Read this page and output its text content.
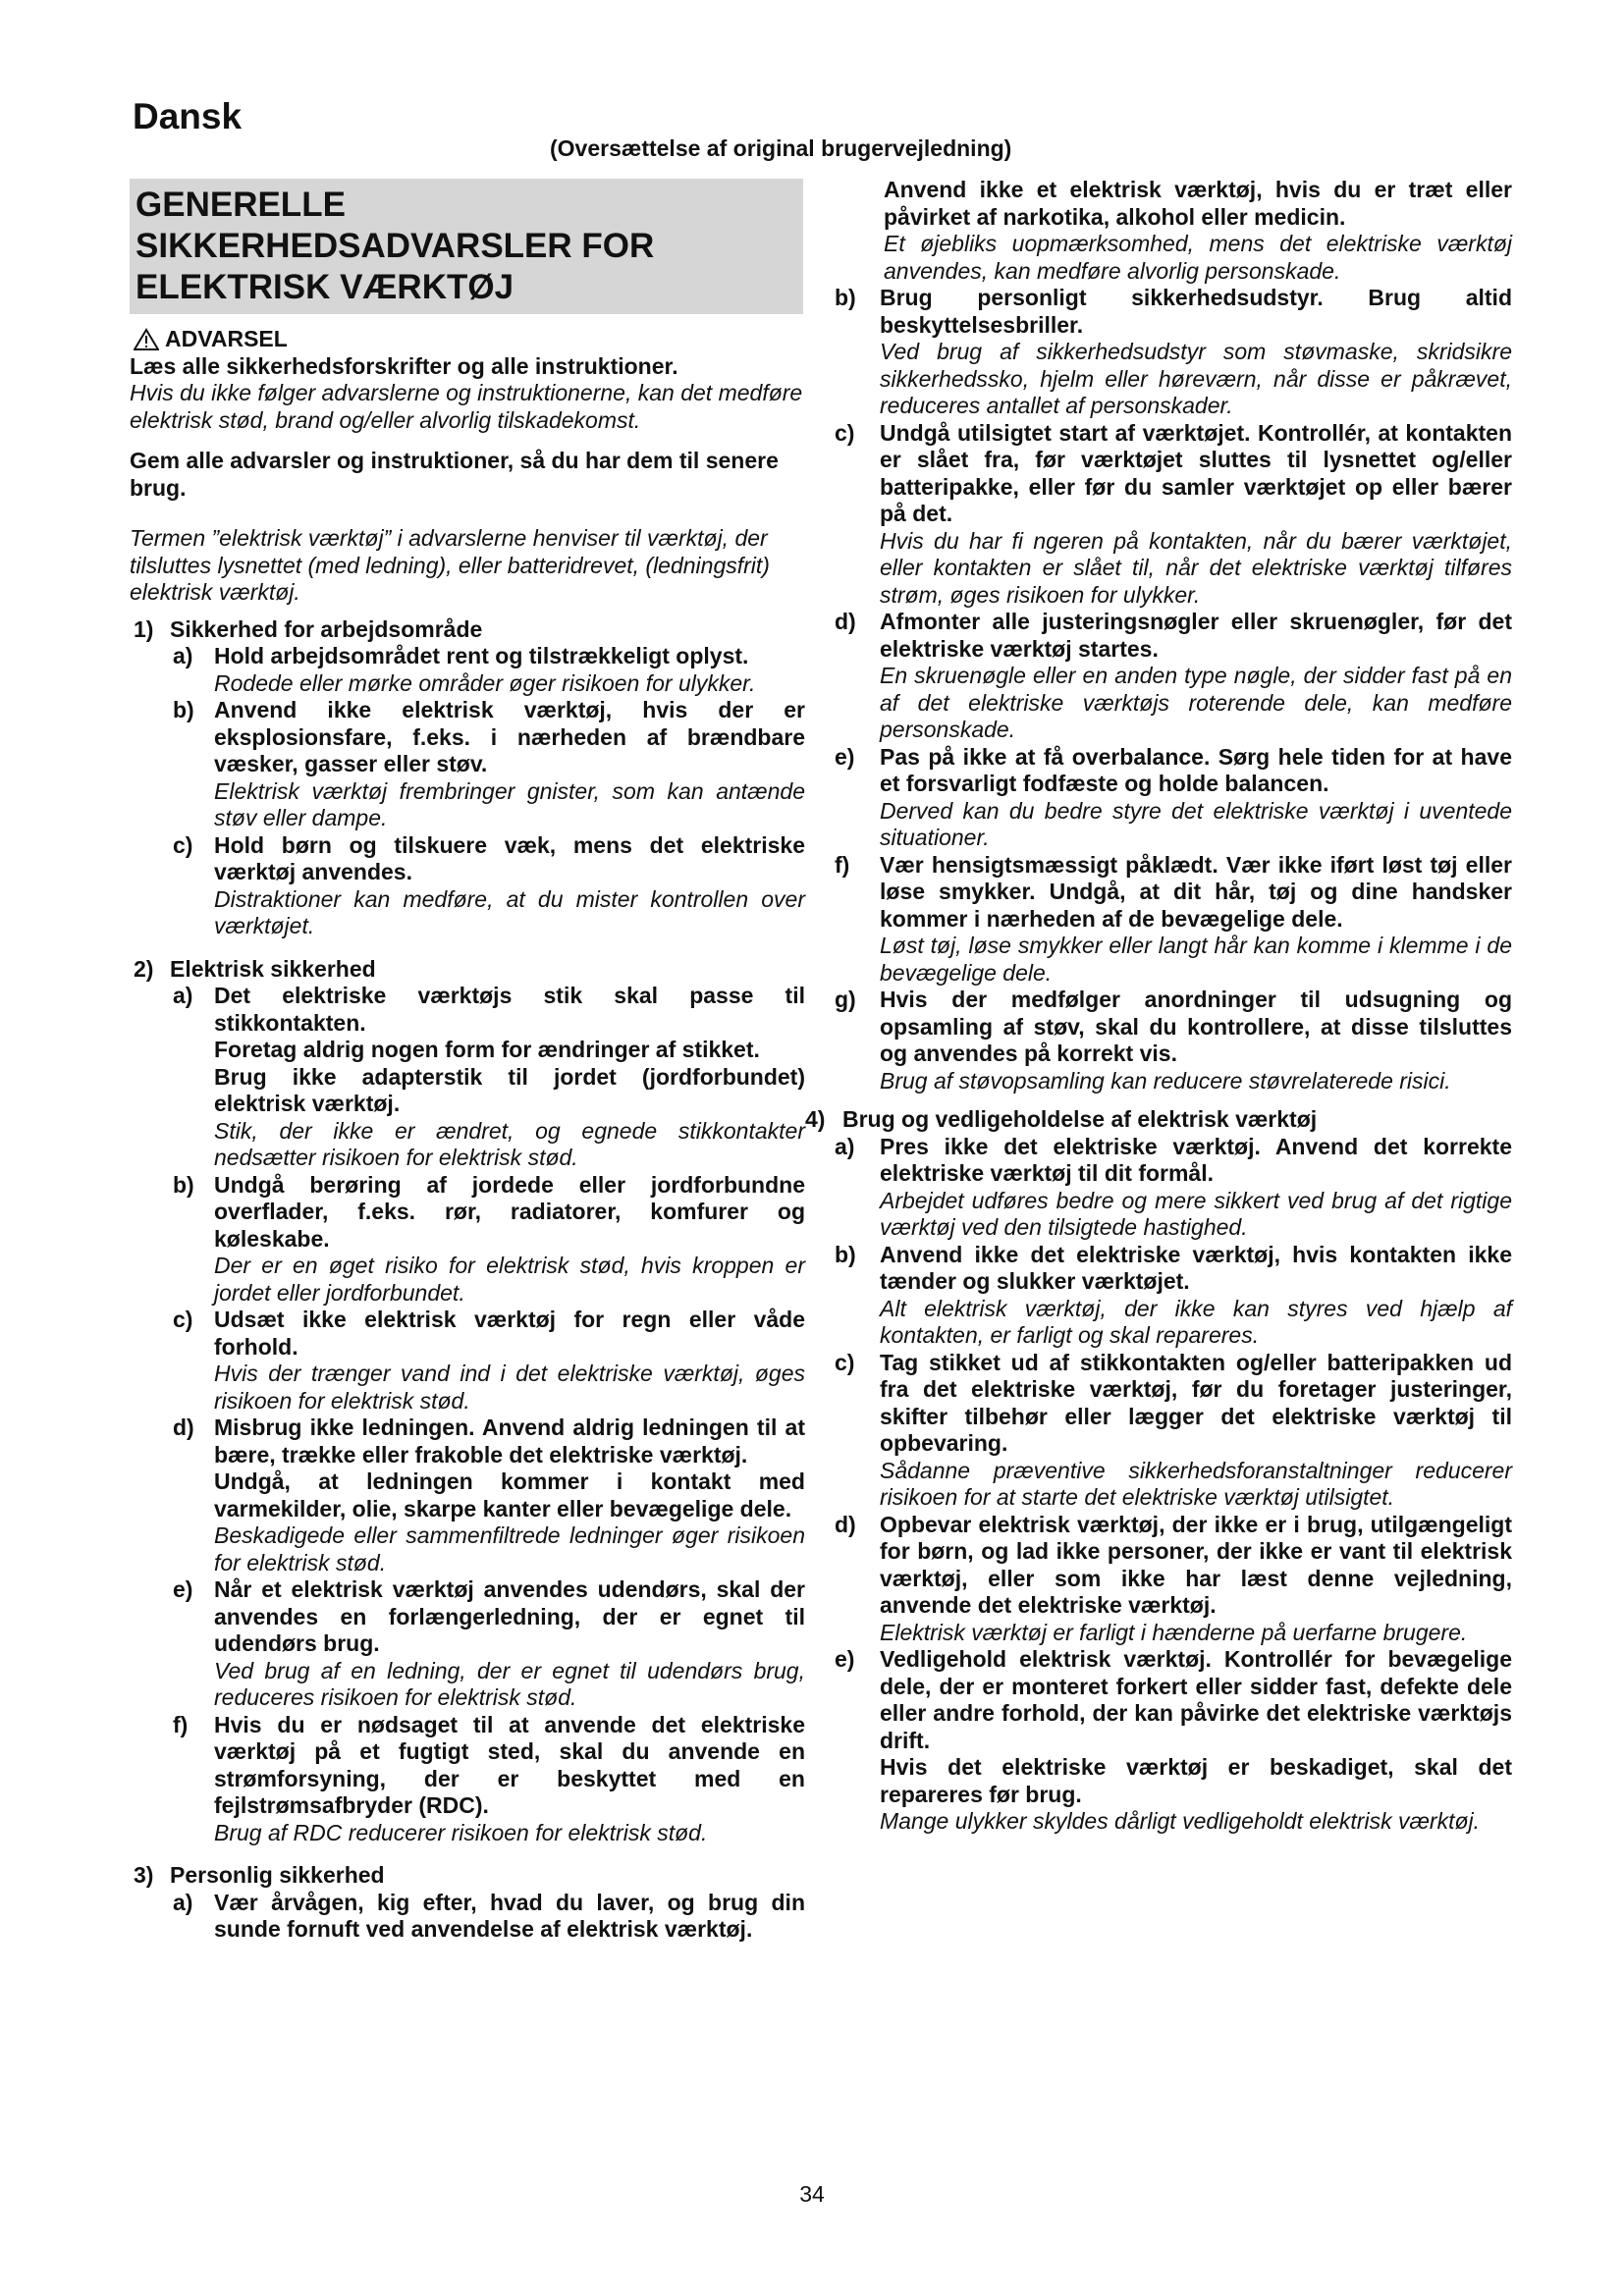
Dansk
(Oversættelse af original brugervejledning)
GENERELLE
SIKKERHEDSADVARSLER FOR
ELEKTRISK VÆRKTØJ
ADVARSEL

Læs alle sikkerhedsforskrifter og alle instruktioner.

Hvis du ikke følger advarslerne og instruktionerne, kan det medføre elektrisk stød, brand og/eller alvorlig tilskadekomst.

Gem alle advarsler og instruktioner, så du har dem til senere brug.

Termen ”elektrisk værktøj” i advarslerne henviser til værktøj, der tilsluttes lysnettet (med ledning), eller batteridrevet, (ledningsfrit) elektrisk værktøj.

1) Sikkerhed for arbejdsområde
a) Hold arbejdsområdet rent og tilstrækkeligt oplyst.

Rodede eller mørke områder øger risikoen for ulykker.

b) Anvend ikke elektrisk værktøj, hvis der er eksplosionsfare, f.eks. i nærheden af brændbare væsker, gasser eller støv.

Elektrisk værktøj frembringer gnister, som kan antænde støv eller dampe.

c) Hold børn og tilskuere væk, mens det elektriske værktøj anvendes.

Distraktioner kan medføre, at du mister kontrollen over værktøjet.

2) Elektrisk sikkerhed
a) Det elektriske værktøjs stik skal passe til stikkontakten.

Foretag aldrig nogen form for ændringer af stikket.

Brug ikke adapterstik til jordet (jordforbundet) elektrisk værktøj.

Stik, der ikke er ændret, og egnede stikkontakter nedsætter risikoen for elektrisk stød.

b) Undgå berøring af jordede eller jordforbundne overflader, f.eks. rør, radiatorer, komfurer og køleskabe.

Der er en øget risiko for elektrisk stød, hvis kroppen er jordet eller jordforbundet.

c) Udsæt ikke elektrisk værktøj for regn eller våde forhold.

Hvis der trænger vand ind i det elektriske værktøj, øges risikoen for elektrisk stød.

d) Misbrug ikke ledningen. Anvend aldrig ledningen til at bære, trække eller frakoble det elektriske værktøj.

Undgå, at ledningen kommer i kontakt med varmekilder, olie, skarpe kanter eller bevægelige dele.

Beskadigede eller sammenfiltrede ledninger øger risikoen for elektrisk stød.

e) Når et elektrisk værktøj anvendes udendørs, skal der anvendes en forlængerledning, der er egnet til udendørs brug.

Ved brug af en ledning, der er egnet til udendørs brug, reduceres risikoen for elektrisk stød.

f)	Hvis du er nødsaget til at anvende det elektriske værktøj på et fugtigt sted, skal du anvende en strømforsyning, der er beskyttet med en fejlstrømsafbryder (RDC).

Brug af RDC reducerer risikoen for elektrisk stød.

3) Personlig sikkerhed
a) Vær årvågen, kig efter, hvad du laver, og brug din sunde fornuft ved anvendelse af elektrisk værktøj.

Anvend ikke et elektrisk værktøj, hvis du er træt eller påvirket af narkotika, alkohol eller medicin.

Et øjebliks uopmærksomhed, mens det elektriske værktøj anvendes, kan medføre alvorlig personskade.

b)	Brug personligt sikkerhedsudstyr. Brug altid beskyttelsesbriller.

Ved brug af sikkerhedsudstyr som støvmaske, skridsikre sikkerhedssko, hjelm eller høreværn, når disse er påkrævet, reduceres antallet af personskader.

c)	Undgå utilsigtet start af værktøjet. Kontrollér, at kontakten er slået fra, før værktøjet sluttes til lysnettet og/eller batteripakke, eller før du samler værktøjet op eller bærer på det.

Hvis du har fi ngeren på kontakten, når du bærer værktøjet, eller kontakten er slået til, når det elektriske værktøj tilføres strøm, øges risikoen for ulykker.

d)	Afmonter alle justeringsnøgler eller skruenøgler, før det elektriske værktøj startes.

En skruenøgle eller en anden type nøgle, der sidder fast på en af det elektriske værktøjs roterende dele, kan medføre personskade.

e)	Pas på ikke at få overbalance. Sørg hele tiden for at have et forsvarligt fodfæste og holde balancen.

Derved kan du bedre styre det elektriske værktøj i uventede situationer.

f)	Vær hensigtsmæssigt påklædt. Vær ikke iført løst tøj eller løse smykker. Undgå, at dit hår, tøj og dine handsker kommer i nærheden af de bevægelige dele.

Løst tøj, løse smykker eller langt hår kan komme i klemme i de bevægelige dele.

g)	Hvis der medfølger anordninger til udsugning og opsamling af støv, skal du kontrollere, at disse tilsluttes og anvendes på korrekt vis.

Brug af støvopsamling kan reducere støvrelaterede risici.

4) Brug og vedligeholdelse af elektrisk værktøj
a)	Pres ikke det elektriske værktøj. Anvend det korrekte elektriske værktøj til dit formål.

Arbejdet udføres bedre og mere sikkert ved brug af det rigtige værktøj ved den tilsigtede hastighed.

b)	Anvend ikke det elektriske værktøj, hvis kontakten ikke tænder og slukker værktøjet.

Alt elektrisk værktøj, der ikke kan styres ved hjælp af kontakten, er farligt og skal repareres.

c)	Tag stikket ud af stikkontakten og/eller batteripakken ud fra det elektriske værktøj, før du foretager justeringer, skifter tilbehør eller lægger det elektriske værktøj til opbevaring.

Sådanne præventive sikkerhedsforanstaltninger reducerer risikoen for at starte det elektriske værktøj utilsigtet.

d)	Opbevar elektrisk værktøj, der ikke er i brug, utilgængeligt for børn, og lad ikke personer, der ikke er vant til elektrisk værktøj, eller som ikke har læst denne vejledning, anvende det elektriske værktøj.

Elektrisk værktøj er farligt i hænderne på uerfarne brugere.

e)	Vedligehold elektrisk værktøj. Kontrollér for bevægelige dele, der er monteret forkert eller sidder fast, defekte dele eller andre forhold, der kan påvirke det elektriske værktøjs drift.

Hvis det elektriske værktøj er beskadiget, skal det repareres før brug.

Mange ulykker skyldes dårligt vedligeholdt elektrisk værktøj.

34
